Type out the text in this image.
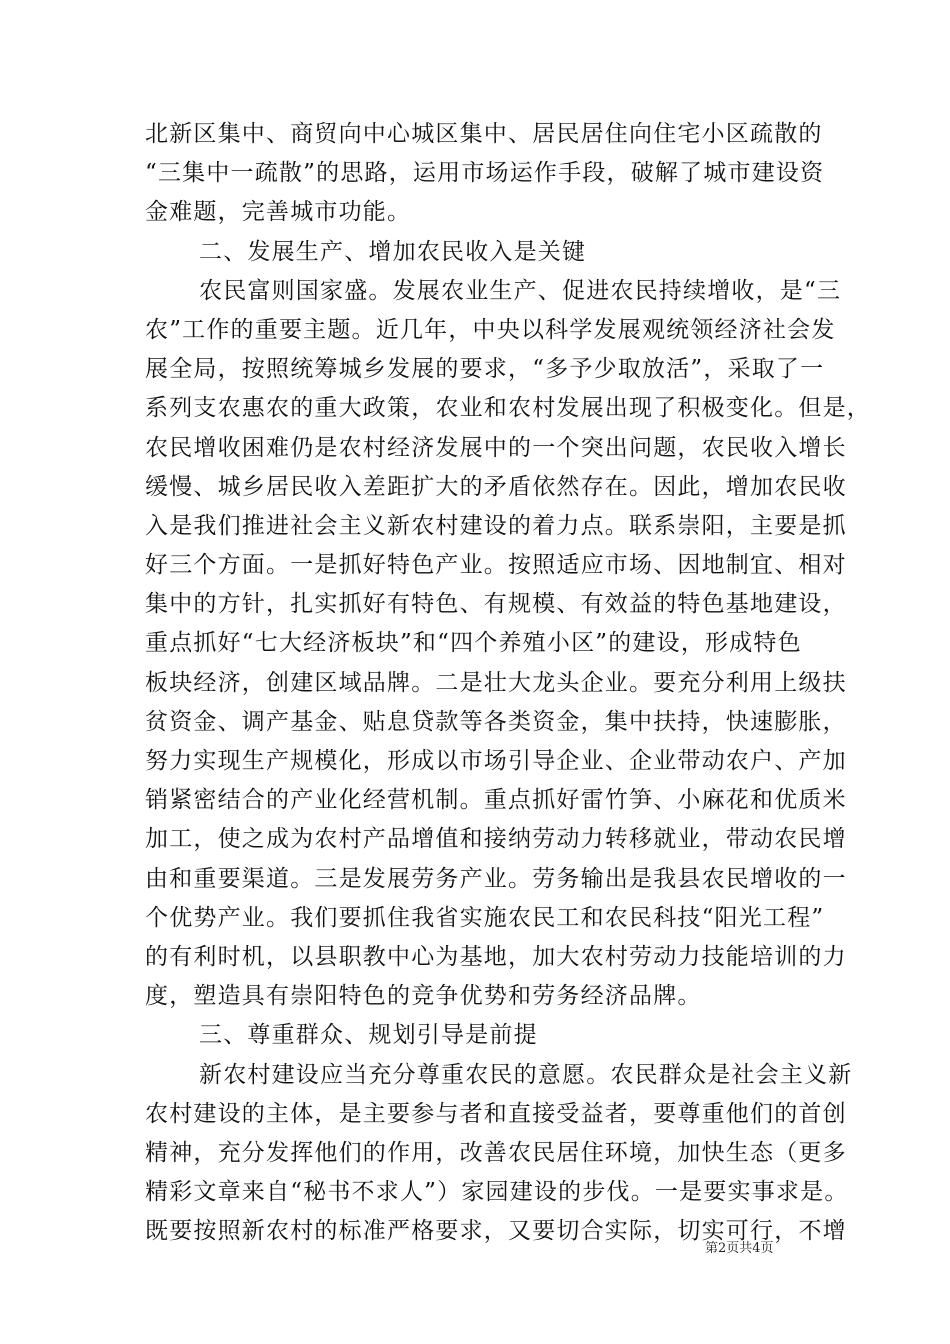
北新区集中、商贸向中心城区集中、居民居住向住宅小区疏散的
“三集中一疏散”的思路，运用市场运作手段，破解了城市建设资
金难题，完善城市功能。
二、发展生产、增加农民收入是关键
农民富则国家盛。发展农业生产、促进农民持续增收，是“三
农”工作的重要主题。近几年，中央以科学发展观统领经济社会发
展全局，按照统筹城乡发展的要求，“多予少取放活”，采取了一
系列支农惠农的重大政策，农业和农村发展出现了积极变化。但是，
农民增收困难仍是农村经济发展中的一个突出问题，农民收入增长
缓慢、城乡居民收入差距扩大的矛盾依然存在。因此，增加农民收
入是我们推进社会主义新农村建设的着力点。联系崇阳，主要是抓
好三个方面。一是抓好特色产业。按照适应市场、因地制宜、相对
集中的方针，扎实抓好有特色、有规模、有效益的特色基地建设，
重点抓好“七大经济板块”和“四个养殖小区”的建设，形成特色
板块经济，创建区域品牌。二是壮大龙头企业。要充分利用上级扶
贫资金、调产基金、贴息贷款等各类资金，集中扶持，快速膨胀，
努力实现生产规模化，形成以市场引导企业、企业带动农户、产加
销紧密结合的产业化经营机制。重点抓好雷竹笋、小麻花和优质米
加工，使之成为农村产品增值和接纳劳动力转移就业，带动农民增
由和重要渠道。三是发展劳务产业。劳务输出是我县农民增收的一
个优势产业。我们要抓住我省实施农民工和农民科技“阳光工程”
的有利时机，以县职教中心为基地，加大农村劳动力技能培训的力
度，塑造具有崇阳特色的竞争优势和劳务经济品牌。
三、尊重群众、规划引导是前提
新农村建设应当充分尊重农民的意愿。农民群众是社会主义新
农村建设的主体，是主要参与者和直接受益者，要尊重他们的首创
精神，充分发挥他们的作用，改善农民居住环境，加快生态（更多
精彩文章来自“秘书不求人”）家园建设的步伐。一是要实事求是。
既要按照新农村的标准严格要求，又要切合实际，切实可行，不增
第2页共4页
